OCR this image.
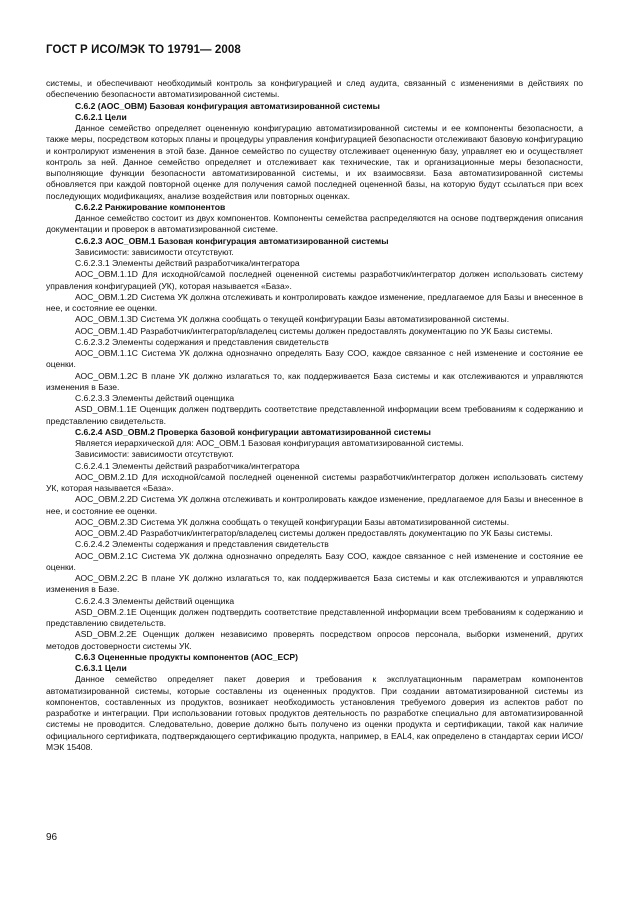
ГОСТ Р ИСО/МЭК ТО 19791— 2008

системы, и обеспечивают необходимый контроль за конфигурацией и след аудита, связанный с изменениями в действиях по обеспечению безопасности автоматизированной системы.

С.6.2 (АОС_ОВМ) Базовая конфигурация автоматизированной системы

С.6.2.1 Цели

Данное семейство определяет оцененную конфигурацию автоматизированной системы и ее компоненты безопасности, а также меры, посредством которых планы и процедуры управления конфигурацией безопасности отслеживают базовую конфигурацию и контролируют изменения в этой базе. Данное семейство по существу отслеживает оцененную базу, управляет ею и осуществляет контроль за ней. Данное семейство определяет и отслеживает как технические, так и организационные меры безопасности, выполняющие функции безопасности автоматизированной системы, и их взаимосвязи. База автоматизированной системы обновляется при каждой повторной оценке для получения самой последней оцененной базы, на которую будут ссылаться при всех последующих модификациях, анализе воздействия или повторных оценках.

С.6.2.2 Ранжирование компонентов

Данное семейство состоит из двух компонентов. Компоненты семейства распределяются на основе подтверждения описания документации и проверок в автоматизированной системе.

С.6.2.3 АОС_ОВМ.1 Базовая конфигурация автоматизированной системы

Зависимости: зависимости отсутствуют.

С.6.2.3.1 Элементы действий разработчика/интегратора

АОС_ОВМ.1.1D Для исходной/самой последней оцененной системы разработчик/интегратор должен использовать систему управления конфигурацией (УК), которая называется «База».

АОС_ОВМ.1.2D Система УК должна отслеживать и контролировать каждое изменение, предлагаемое для Базы и внесенное в нее, и состояние ее оценки.

АОС_ОВМ.1.3D Система УК должна сообщать о текущей конфигурации Базы автоматизированной системы.

АОС_ОВМ.1.4D Разработчик/интегратор/владелец системы должен предоставлять документацию по УК Базы системы.

С.6.2.3.2 Элементы содержания и представления свидетельств

АОС_ОВМ.1.1С Система УК должна однозначно определять Базу СОО, каждое связанное с ней изменение и состояние ее оценки.

АОС_ОВМ.1.2С В плане УК должно излагаться то, как поддерживается База системы и как отслеживаются и управляются изменения в Базе.

С.6.2.3.3 Элементы действий оценщика

ASD_OBM.1.1E Оценщик должен подтвердить соответствие представленной информации всем требованиям к содержанию и представлению свидетельств.

С.6.2.4 ASD_OBM.2 Проверка базовой конфигурации автоматизированной системы

Является иерархической для: АОС_ОВМ.1 Базовая конфигурация автоматизированной системы.

Зависимости: зависимости отсутствуют.

С.6.2.4.1 Элементы действий разработчика/интегратора

АОС_ОВМ.2.1D Для исходной/самой последней оцененной системы разработчик/интегратор должен использовать систему УК, которая называется «База».

АОС_ОВМ.2.2D Система УК должна отслеживать и контролировать каждое изменение, предлагаемое для Базы и внесенное в нее, и состояние ее оценки.

АОС_ОВМ.2.3D Система УК должна сообщать о текущей конфигурации Базы автоматизированной системы.

АОС_ОВМ.2.4D Разработчик/интегратор/владелец системы должен предоставлять документацию по УК Базы системы.

С.6.2.4.2 Элементы содержания и представления свидетельств

АОС_ОВМ.2.1С Система УК должна однозначно определять Базу СОО, каждое связанное с ней изменение и состояние ее оценки.

АОС_ОВМ.2.2С В плане УК должно излагаться то, как поддерживается База системы и как отслеживаются и управляются изменения в Базе.

С.6.2.4.3 Элементы действий оценщика

ASD_OBM.2.1E Оценщик должен подтвердить соответствие представленной информации всем требованиям к содержанию и представлению свидетельств.

ASD_OBM.2.2E Оценщик должен независимо проверять посредством опросов персонала, выборки изменений, других методов достоверности системы УК.

С.6.3 Оцененные продукты компонентов (АОС_ЕСР)

С.6.3.1 Цели

Данное семейство определяет пакет доверия и требования к эксплуатационным параметрам компонентов автоматизированной системы, которые составлены из оцененных продуктов. При создании автоматизированной системы из компонентов, составленных из продуктов, возникает необходимость установления требуемого доверия из аспектов работ по разработке и интеграции. При использовании готовых продуктов деятельность по разработке специально для автоматизированной системы не проводится. Следовательно, доверие должно быть получено из оценки продукта и сертификации, такой как наличие официального сертификата, подтверждающего сертификацию продукта, например, в EAL4, как определено в стандартах серии ИСО/МЭК 15408.

96
